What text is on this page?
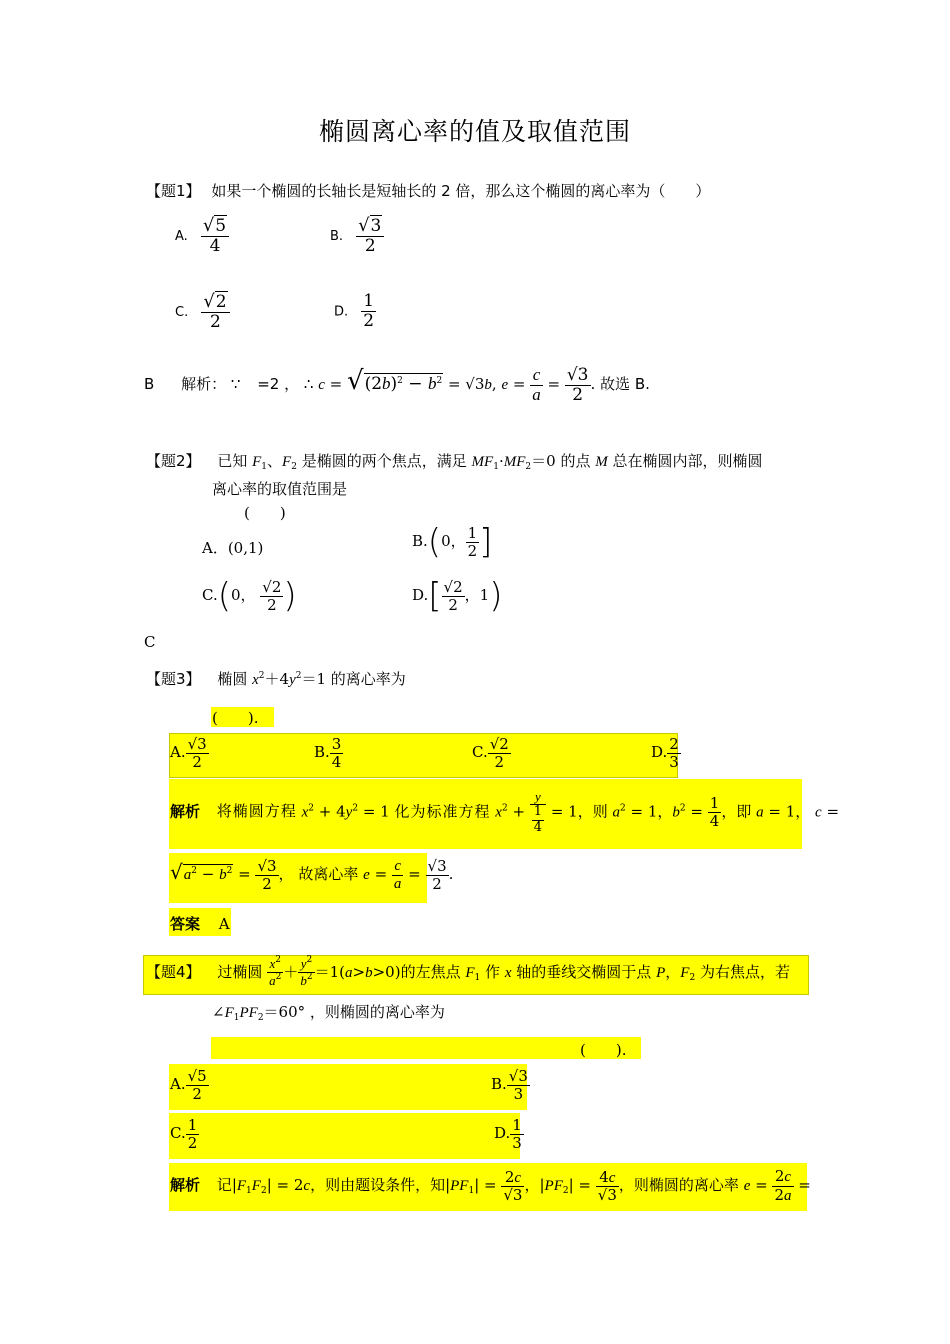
椭圆离心率的值及取值范围
【题1】 如果一个椭圆的长轴长是短轴长的 2 倍，那么这个椭圆的离心率为（　　）
A. $\frac{√5}{4}$	B. $\frac{√3}{2}$
C. $\frac{√2}{2}$	D. $\frac{1}{2}$
B 解析： ∵ =2 ， ∴ $c = √(2b)^2 - b^2 = √3b$, $e = \frac{c}{a} = \frac{√3}{2}$ . 故选 B.
【题2】 已知 $F_1$、$F_2$ 是椭圆的两个焦点，满足 $MF_1\cdot MF_2=0$ 的点 M 总在椭圆内部，则椭圆
离心率的取值范围是
(　　)
A．(0,1)	B.(0， $\frac{1}{2}$ ]
C.(0， $\frac{√2}{2}$ )	$D.[ \frac{√2}{2}$ ，1)
C
【题3】 椭圆 $x^2+4y^2=1$ 的离心率为
(　　).
A. $\frac{√3}{2}$	B. $\frac{3}{4}$	C. $\frac{√2}{2}$	D. $\frac{2}{3}$
解析 将椭圆方程 $x^2 + 4y^2 = 1$ 化为标准方程 $x^2 + \frac{y}{\frac{1}{4}} = 1$，则 $a^2 = 1$，$b^2 = \frac{1}{4}$ ，即 a = 1， c =
$√a^2 - b^2 = \frac{√3}{2}$ ， 故离心率 $e = \frac{c}{a} = \frac{√3}{2}$ .
答案 A
【题4】 过椭圆 $\frac{x^2}{a^2} + \frac{y^2}{b^2} =1(a>b>0)$的左焦点 $F_1$ 作 x 轴的垂线交椭圆于点 P，$F_2$ 为右焦点，若
$\angle F_1PF_2=60^\circ$ ，则椭圆的离心率为
(　　).
A. $\frac{√5}{2}$	B. $\frac{√3}{3}$
C. $\frac{1}{2}$	D. $\frac{1}{3}$
解析 记$|F_1F_2| = 2c$，则由题设条件，知$|PF_1| = \frac{2c}{√3}$ ，$|PF_2| = \frac{4c}{√3}$ ，则椭圆的离心率 $e = \frac{2c}{2a}$ =
